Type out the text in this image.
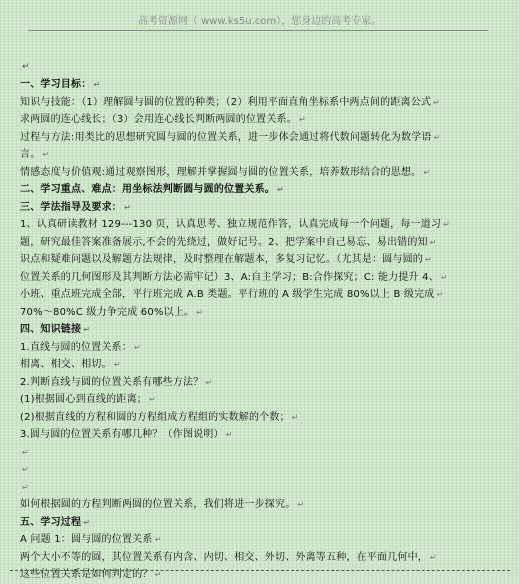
高考资源网（ www.ks5u.com），您身边的高考专家。
↵
一、学习目标： ↵
知识与技能：（1）理解圆与圆的位置的种类；（2）利用平面直角坐标系中两点间的距离公式 ↵
求两圆的连心线长；（3）会用连心线长判断两圆的位置关系。 ↵
过程与方法:用类比的思想研究圆与圆的位置关系，进一步体会通过将代数问题转化为数学语 ↵
言。 ↵
情感态度与价值观:通过观察图形，理解并掌握圆与圆的位置关系，培养数形结合的思想。 ↵
二、学习重点、难点：用坐标法判断圆与圆的位置关系。 ↵
三、学法指导及要求： ↵
1、认真研读教材 129---130 页，认真思考、独立规范作答，认真完成每一个问题，每一道习 ↵
题，研究最佳答案准备展示,不会的先绕过，做好记号。2、把学案中自己易忘、易出错的知 ↵
识点和疑难问题以及解题方法规律，及时整理在解题本，多复习记忆。（尤其是：圆与圆的 ↵
位置关系的几何图形及其判断方法必需牢记）3、A:自主学习；B:合作探究；C: 能力提升 4、 ↵
小班、重点班完成全部，平行班完成 A.B 类题。平行班的 A 级学生完成 80%以上 B 级完成 ↵
70%～80%C 级力争完成 60%以上。 ↵
四、知识链接 ↵
1.直线与圆的位置关系： ↵
相离、相交、相切。 ↵
2.判断直线与圆的位置关系有哪些方法？ ↵
(1)根据圆心到直线的距离； ↵
(2)根据直线的方程和圆的方程组成方程组的实数解的个数； ↵
3.圆与圆的位置关系有哪几种？（作图说明） ↵
↵
↵
↵
如何根据圆的方程判断两圆的位置关系，我们将进一步探究。 ↵
五、学习过程 ↵
A 问题 1：圆与圆的位置关系 ↵
两个大小不等的圆，其位置关系有内含、内切、相交、外切、外离等五种，在平面几何中， ↵
这些位置关系是如何判定的？ ↵
